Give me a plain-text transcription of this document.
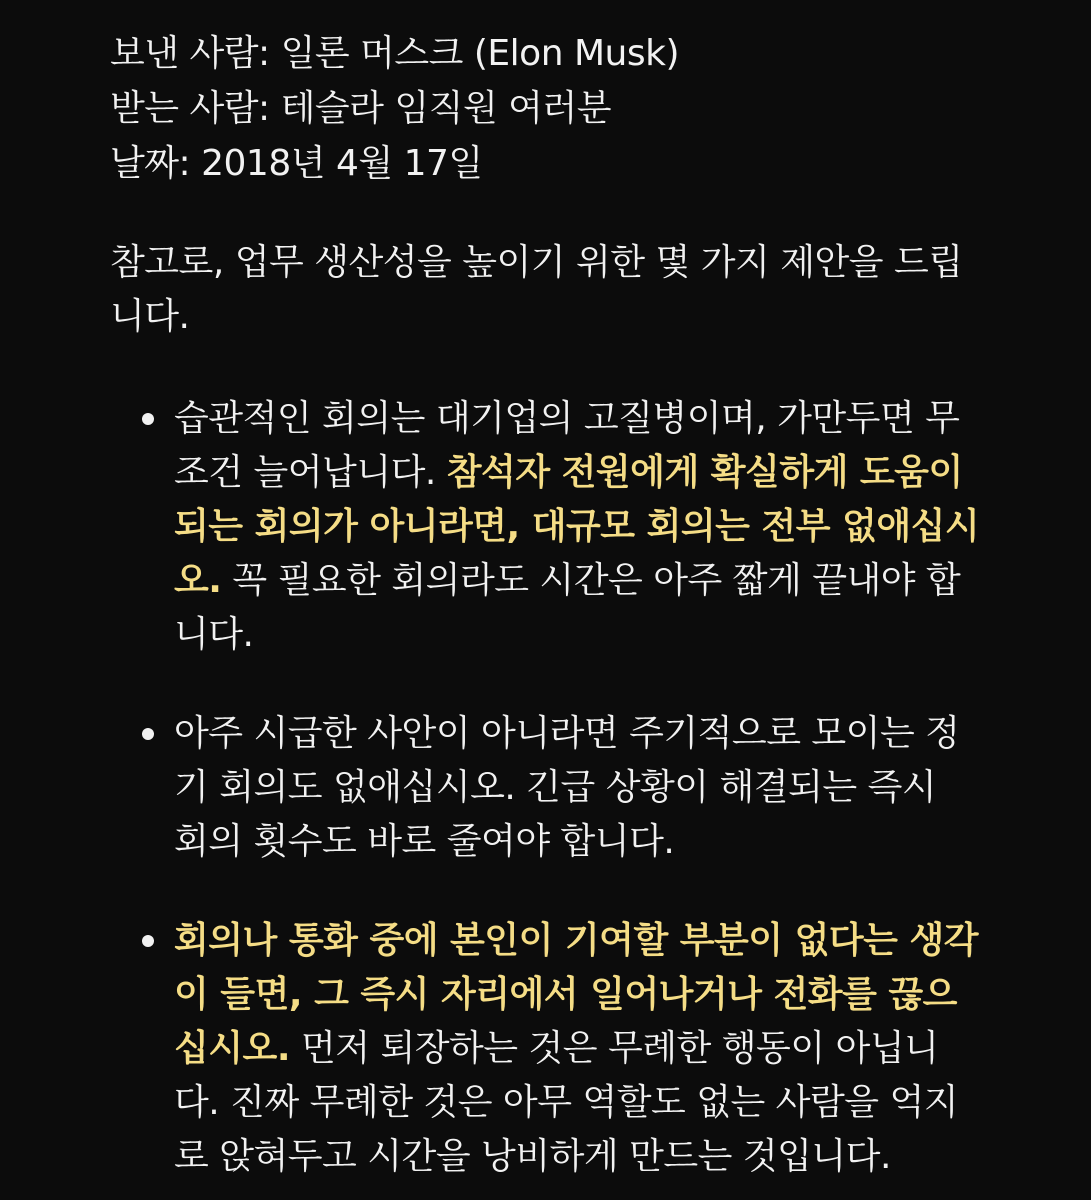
보낸 사람: 일론 머스크 (Elon Musk)
받는 사람: 테슬라 임직원 여러분
날짜: 2018년 4월 17일
참고로, 업무 생산성을 높이기 위한 몇 가지 제안을 드립
니다.
습관적인 회의는 대기업의 고질병이며, 가만두면 무
조건 늘어납니다. 참석자 전원에게 확실하게 도움이
되는 회의가 아니라면, 대규모 회의는 전부 없애십시
오. 꼭 필요한 회의라도 시간은 아주 짧게 끝내야 합
니다.
아주 시급한 사안이 아니라면 주기적으로 모이는 정
기 회의도 없애십시오. 긴급 상황이 해결되는 즉시
회의 횟수도 바로 줄여야 합니다.
회의나 통화 중에 본인이 기여할 부분이 없다는 생각
이 들면, 그 즉시 자리에서 일어나거나 전화를 끊으
십시오. 먼저 퇴장하는 것은 무례한 행동이 아닙니
다. 진짜 무례한 것은 아무 역할도 없는 사람을 억지
로 앉혀두고 시간을 낭비하게 만드는 것입니다.
